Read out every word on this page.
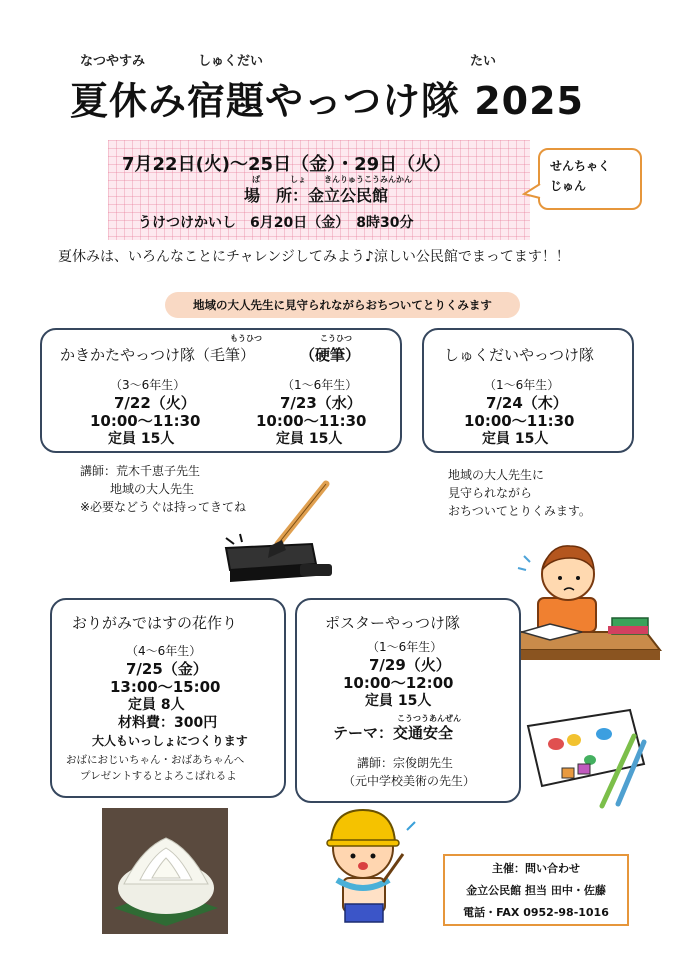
なつやすみ	しゅくだい	たい
夏休み宿題やっつけ隊 2025
7月22日(火)〜25日（金）・29日（火）
ば	しょ きんりゅうこうみんかん
場　所：金立公民館
うけつけかいし　6月20日（金）　8時30分
せんちゃく
じゅん
夏休みは、いろんなことにチャレンジしてみよう♪涼しい公民館でまってます！！
地域の大人先生に見守られながらおちついてとりくみます
もうひつ	こうひつ
かきかたやっつけ隊（毛筆）	（硬筆）
（3〜6年生）
7/22（火）
10:00〜11:30
定員 15人
（1〜6年生）
7/23（水）
10:00〜11:30
定員 15人
講師：荒木千恵子先生
地域の大人先生
※必要などうぐは持ってきてね
しゅくだいやっつけ隊
（1〜6年生）
7/24（木）
10:00〜11:30
定員 15人
地域の大人先生に
見守られながら
おちついてとりくみます。
おりがみではすの花作り
（4〜6年生）
7/25（金）
13:00〜15:00
定員 8人
材料費：300円
大人もいっしょにつくります
おばにおじいちゃん・おばあちゃんへ
プレゼントするとよろこばれるよ
ポスターやっつけ隊
（1〜6年生）
7/29（火）
10:00〜12:00
定員 15人
こうつうあんぜん
テーマ：交通安全
講師：宗俊朗先生
（元中学校美術の先生）
主催：問い合わせ
金立公民館 担当 田中・佐藤
電話・FAX 0952-98-1016
